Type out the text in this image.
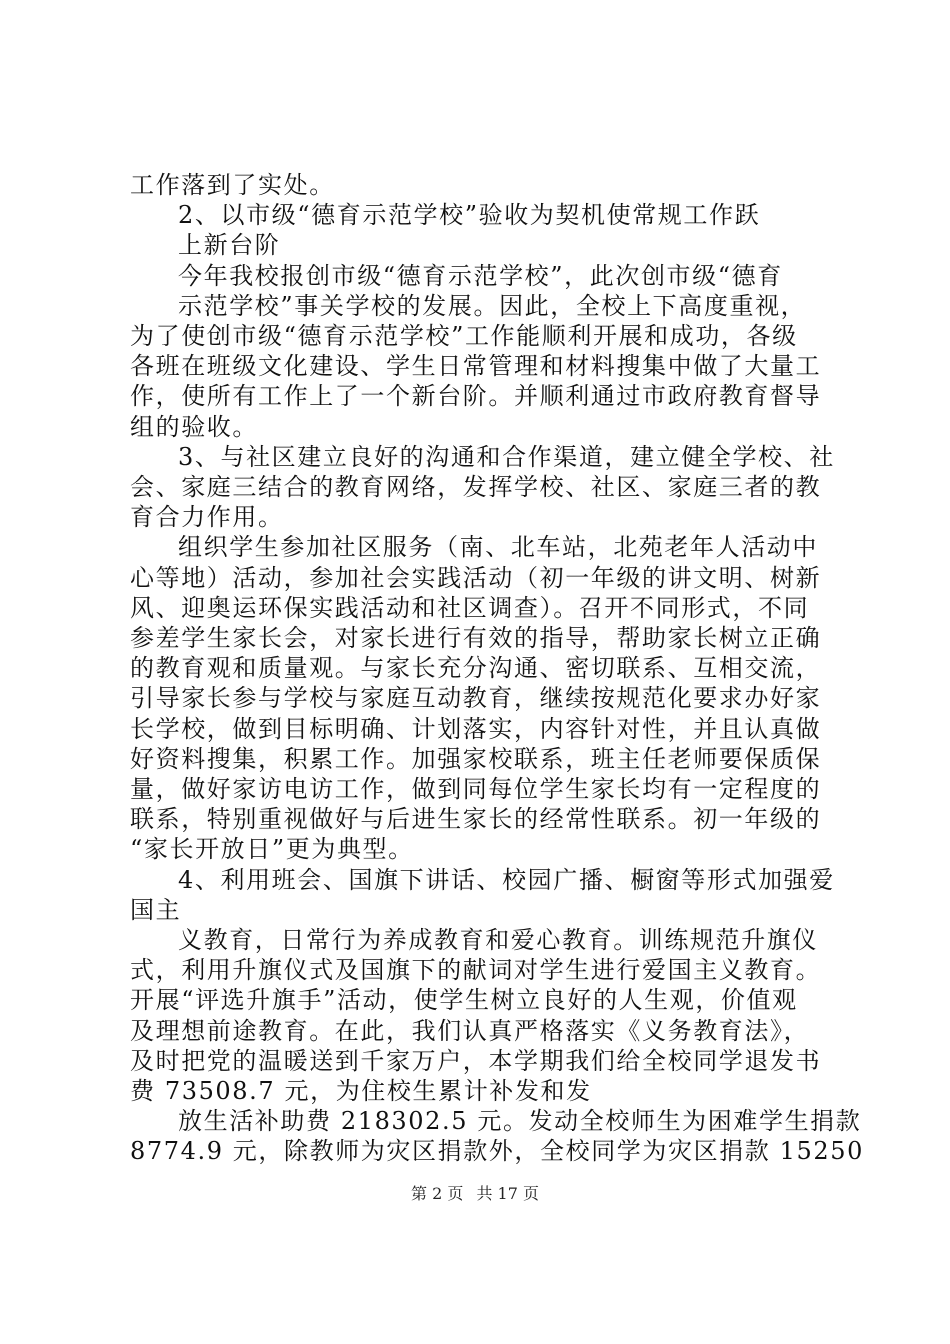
工作落到了实处。
2、以市级“德育示范学校”验收为契机使常规工作跃
上新台阶
今年我校报创市级“德育示范学校”，此次创市级“德育
示范学校”事关学校的发展。因此，全校上下高度重视，
为了使创市级“德育示范学校”工作能顺利开展和成功，各级
各班在班级文化建设、学生日常管理和材料搜集中做了大量工
作，使所有工作上了一个新台阶。并顺利通过市政府教育督导
组的验收。
3、与社区建立良好的沟通和合作渠道，建立健全学校、社
会、家庭三结合的教育网络，发挥学校、社区、家庭三者的教
育合力作用。
组织学生参加社区服务（南、北车站，北苑老年人活动中
心等地）活动，参加社会实践活动（初一年级的讲文明、树新
风、迎奥运环保实践活动和社区调查）。召开不同形式，不同
参差学生家长会，对家长进行有效的指导，帮助家长树立正确
的教育观和质量观。与家长充分沟通、密切联系、互相交流，
引导家长参与学校与家庭互动教育，继续按规范化要求办好家
长学校，做到目标明确、计划落实，内容针对性，并且认真做
好资料搜集，积累工作。加强家校联系，班主任老师要保质保
量，做好家访电访工作，做到同每位学生家长均有一定程度的
联系，特别重视做好与后进生家长的经常性联系。初一年级的
“家长开放日”更为典型。
4、利用班会、国旗下讲话、校园广播、橱窗等形式加强爱
国主
义教育，日常行为养成教育和爱心教育。训练规范升旗仪
式，利用升旗仪式及国旗下的献词对学生进行爱国主义教育。
开展“评选升旗手”活动，使学生树立良好的人生观，价值观
及理想前途教育。在此，我们认真严格落实《义务教育法》，
及时把党的温暖送到千家万户，本学期我们给全校同学退发书
费 73508.7 元，为住校生累计补发和发
放生活补助费 218302.5 元。发动全校师生为困难学生捐款
8774.9 元，除教师为灾区捐款外，全校同学为灾区捐款 15250
第 2 页 共 17 页
